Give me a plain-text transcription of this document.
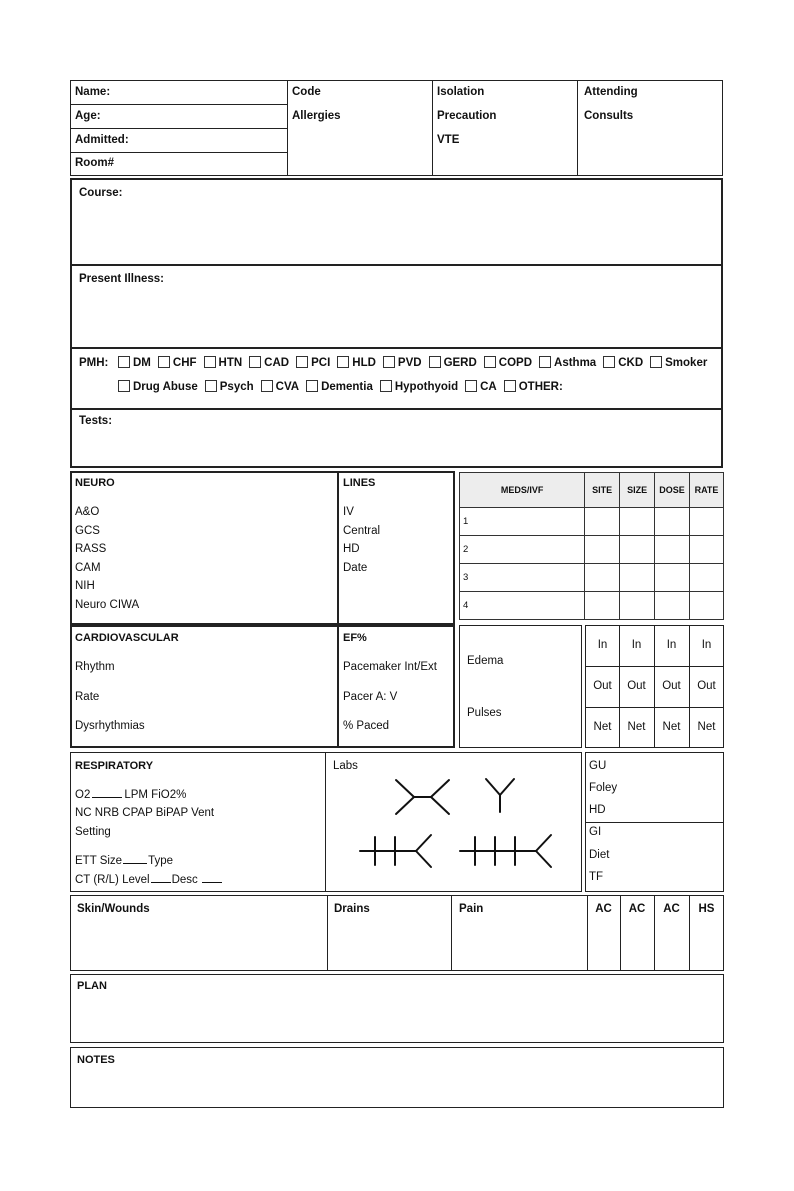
Name:
Age:
Admitted:
Room#
Code
Allergies
Isolation
Precaution
VTE
Attending
Consults
Course:
Present Illness:
PMH:	DM CHF HTN CAD PCI HLD PVD GERD COPD Asthma CKD Smoker
Drug Abuse Psych CVA Dementia Hypothyoid CA OTHER:
Tests:
NEURO
A&O
GCS
RASS
CAM
NIH
Neuro CIWA
LINES
IV
Central
HD
Date
MEDS/IVF	SITE	SIZE	DOSE	RATE
1				
2				
3				
4				
CARDIOVASCULAR
Rhythm
Rate
Dysrhythmias
EF%
Pacemaker Int/Ext
Pacer A: V
% Paced
Edema
Pulses
In	In	In	In
Out	Out	Out	Out
Net	Net	Net	Net
RESPIRATORY
O2	LPM FiO2%
NC NRB CPAP BiPAP Vent
Setting
ETT Size Type
CT (R/L) Level Desc
Labs	GU
Foley
HD
GI
Diet
TF
Skin/Wounds	Drains	Pain	AC	AC	AC	HS
PLAN
NOTES
